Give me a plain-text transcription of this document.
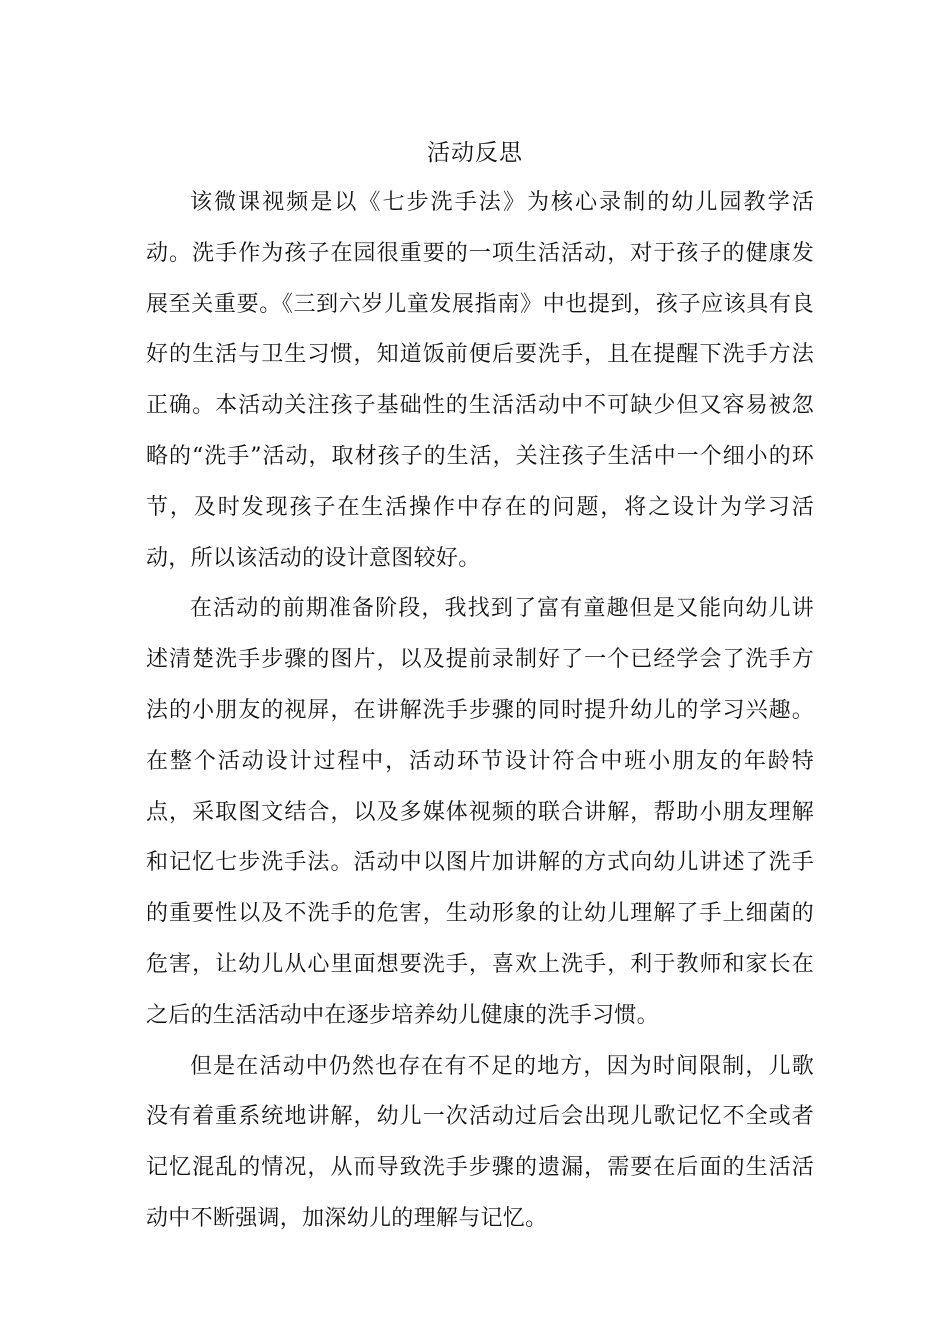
活动反思

该微课视频是以《七步洗手法》为核心录制的幼儿园教学活动。洗手作为孩子在园很重要的一项生活活动，对于孩子的健康发展至关重要。《三到六岁儿童发展指南》中也提到，孩子应该具有良好的生活与卫生习惯，知道饭前便后要洗手，且在提醒下洗手方法正确。本活动关注孩子基础性的生活活动中不可缺少但又容易被忽略的“洗手”活动，取材孩子的生活，关注孩子生活中一个细小的环节，及时发现孩子在生活操作中存在的问题，将之设计为学习活动，所以该活动的设计意图较好。

在活动的前期准备阶段，我找到了富有童趣但是又能向幼儿讲述清楚洗手步骤的图片，以及提前录制好了一个已经学会了洗手方法的小朋友的视屏，在讲解洗手步骤的同时提升幼儿的学习兴趣。在整个活动设计过程中，活动环节设计符合中班小朋友的年龄特点，采取图文结合，以及多媒体视频的联合讲解，帮助小朋友理解和记忆七步洗手法。活动中以图片加讲解的方式向幼儿讲述了洗手的重要性以及不洗手的危害，生动形象的让幼儿理解了手上细菌的危害，让幼儿从心里面想要洗手，喜欢上洗手，利于教师和家长在之后的生活活动中在逐步培养幼儿健康的洗手习惯。

但是在活动中仍然也存在有不足的地方，因为时间限制，儿歌没有着重系统地讲解，幼儿一次活动过后会出现儿歌记忆不全或者记忆混乱的情况，从而导致洗手步骤的遗漏，需要在后面的生活活动中不断强调，加深幼儿的理解与记忆。
